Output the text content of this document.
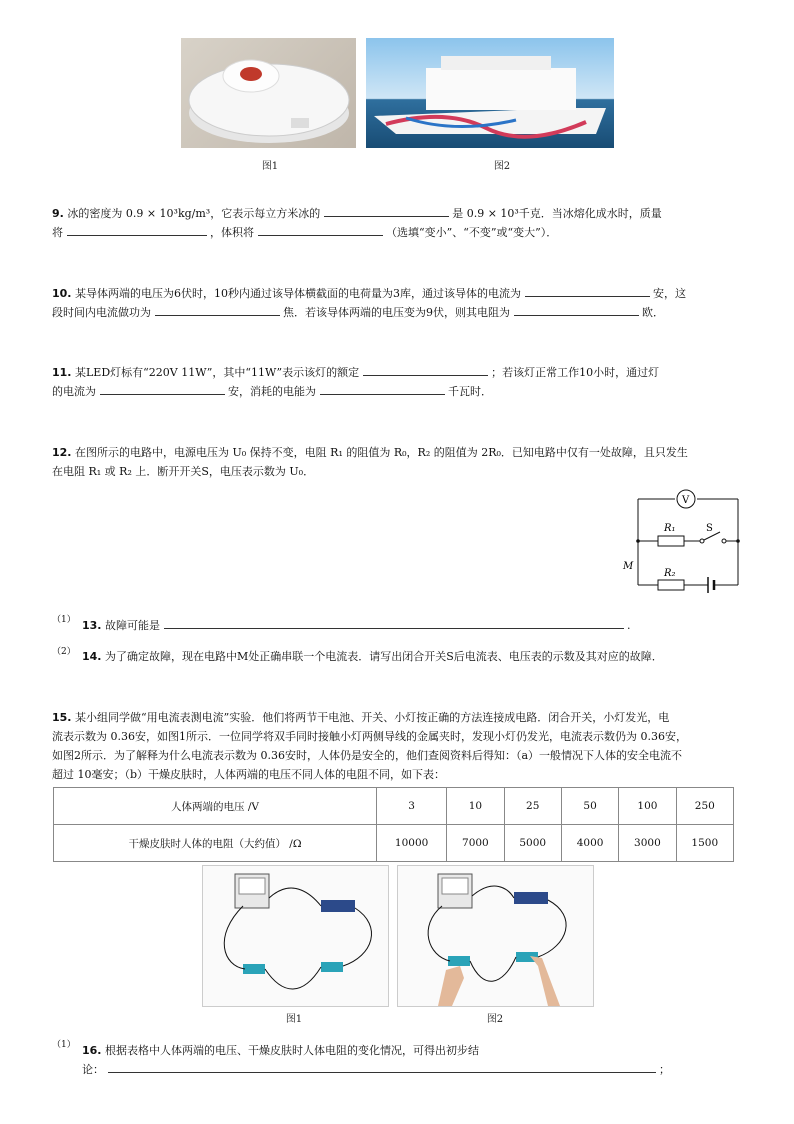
图1	图2
9. 冰的密度为 0.9 × 10³kg/m³，它表示每立方米冰的	是 0.9 × 10³千克．当冰熔化成水时，质量
将	，体积将	（选填“变小”、“不变”或“变大”）．
10. 某导体两端的电压为6伏时，10秒内通过该导体横截面的电荷量为3库，通过该导体的电流为	安，这
段时间内电流做功为	焦．若该导体两端的电压变为9伏，则其电阻为	欧．
11. 某LED灯标有“220V 11W”，其中“11W”表示该灯的额定	；若该灯正常工作10小时，通过灯
的电流为	安，消耗的电能为	千瓦时．
12. 在图所示的电路中，电源电压为 U₀ 保持不变，电阻 R₁ 的阻值为 R₀，R₂ 的阻值为 2R₀．已知电路中仅有一处故障，且只发生
在电阻 R₁ 或 R₂ 上．断开开关S，电压表示数为 U₀．
V
R₁
R₂
S
M
（1） 13. 故障可能是	.
（2） 14. 为了确定故障，现在电路中M处正确串联一个电流表．请写出闭合开关S后电流表、电压表的示数及其对应的故障．
15. 某小组同学做“用电流表测电流”实验．他们将两节干电池、开关、小灯按正确的方法连接成电路．闭合开关，小灯发光，电
流表示数为 0.36安，如图1所示．一位同学将双手同时接触小灯两侧导线的金属夹时，发现小灯仍发光，电流表示数仍为 0.36安，
如图2所示．为了解释为什么电流表示数为 0.36安时，人体仍是安全的，他们查阅资料后得知：（a）一般情况下人体的安全电流不
超过 10毫安；（b）干燥皮肤时，人体两端的电压不同人体的电阻不同，如下表：
人体两端的电压 /V	3	10	25	50	100	250
干燥皮肤时人体的电阻（大约值） /Ω	10000	7000	5000	4000	3000	1500
图1	图2
（1） 16. 根据表格中人体两端的电压、干燥皮肤时人体电阻的变化情况，可得出初步结
论：	；
